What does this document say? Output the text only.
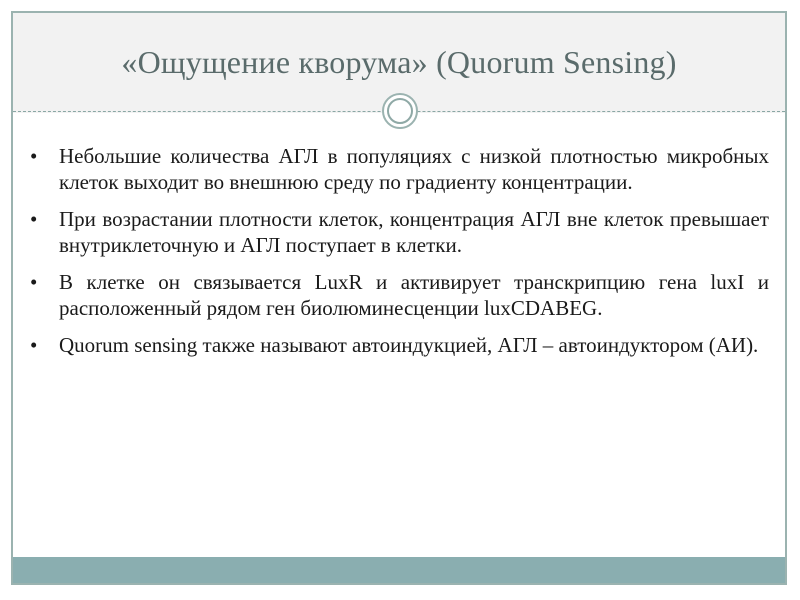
«Ощущение кворума» (Quorum Sensing)
•	Небольшие количества АГЛ в популяциях с низкой плотностью микробных клеток выходит во внешнюю среду по градиенту концентрации.
•	При возрастании плотности клеток, концентрация АГЛ вне клеток превышает внутриклеточную и АГЛ поступает в клетки.
•	В клетке он связывается LuxR и активирует транскрипцию гена luxI и расположенный рядом ген биолюминесценции luxCDABEG.
•	Quorum sensing также называют автоиндукцией, АГЛ – автоиндуктором (АИ).
